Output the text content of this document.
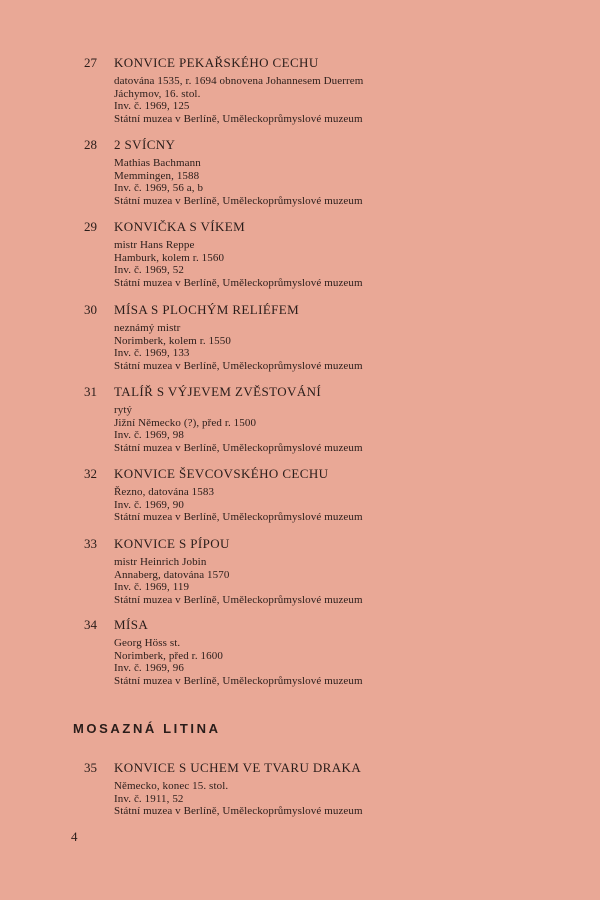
27	KONVICE PEKAŘSKÉHO CECHU
datována 1535, r. 1694 obnovena Johannesem Duerrem
Jáchymov, 16. stol.
Inv. č. 1969, 125
Státní muzea v Berlíně, Uměleckoprůmyslové muzeum
28	2 SVÍCNY
Mathias Bachmann
Memmingen, 1588
Inv. č. 1969, 56 a, b
Státní muzea v Berlíně, Uměleckoprůmyslové muzeum
29	KONVIČKA S VÍKEM
mistr Hans Reppe
Hamburk, kolem r. 1560
Inv. č. 1969, 52
Státní muzea v Berlíně, Uměleckoprůmyslové muzeum
30	MÍSA S PLOCHÝM RELIÉFEM
neznámý mistr
Norimberk, kolem r. 1550
Inv. č. 1969, 133
Státní muzea v Berlíně, Uměleckoprůmyslové muzeum
31	TALÍŘ S VÝJEVEM ZVĚSTOVÁNÍ
rytý
Jižní Německo (?), před r. 1500
Inv. č. 1969, 98
Státní muzea v Berlíně, Uměleckoprůmyslové muzeum
32	KONVICE ŠEVCOVSKÉHO CECHU
Řezno, datována 1583
Inv. č. 1969, 90
Státní muzea v Berlíně, Uměleckoprůmyslové muzeum
33	KONVICE S PÍPOU
mistr Heinrich Jobin
Annaberg, datována 1570
Inv. č. 1969, 119
Státní muzea v Berlíně, Uměleckoprůmyslové muzeum
34	MÍSA
Georg Höss st.
Norimberk, před r. 1600
Inv. č. 1969, 96
Státní muzea v Berlíně, Uměleckoprůmyslové muzeum
MOSAZNÁ LITINA
35	KONVICE S UCHEM VE TVARU DRAKA
Německo, konec 15. stol.
Inv. č. 1911, 52
Státní muzea v Berlíně, Uměleckoprůmyslové muzeum
4
